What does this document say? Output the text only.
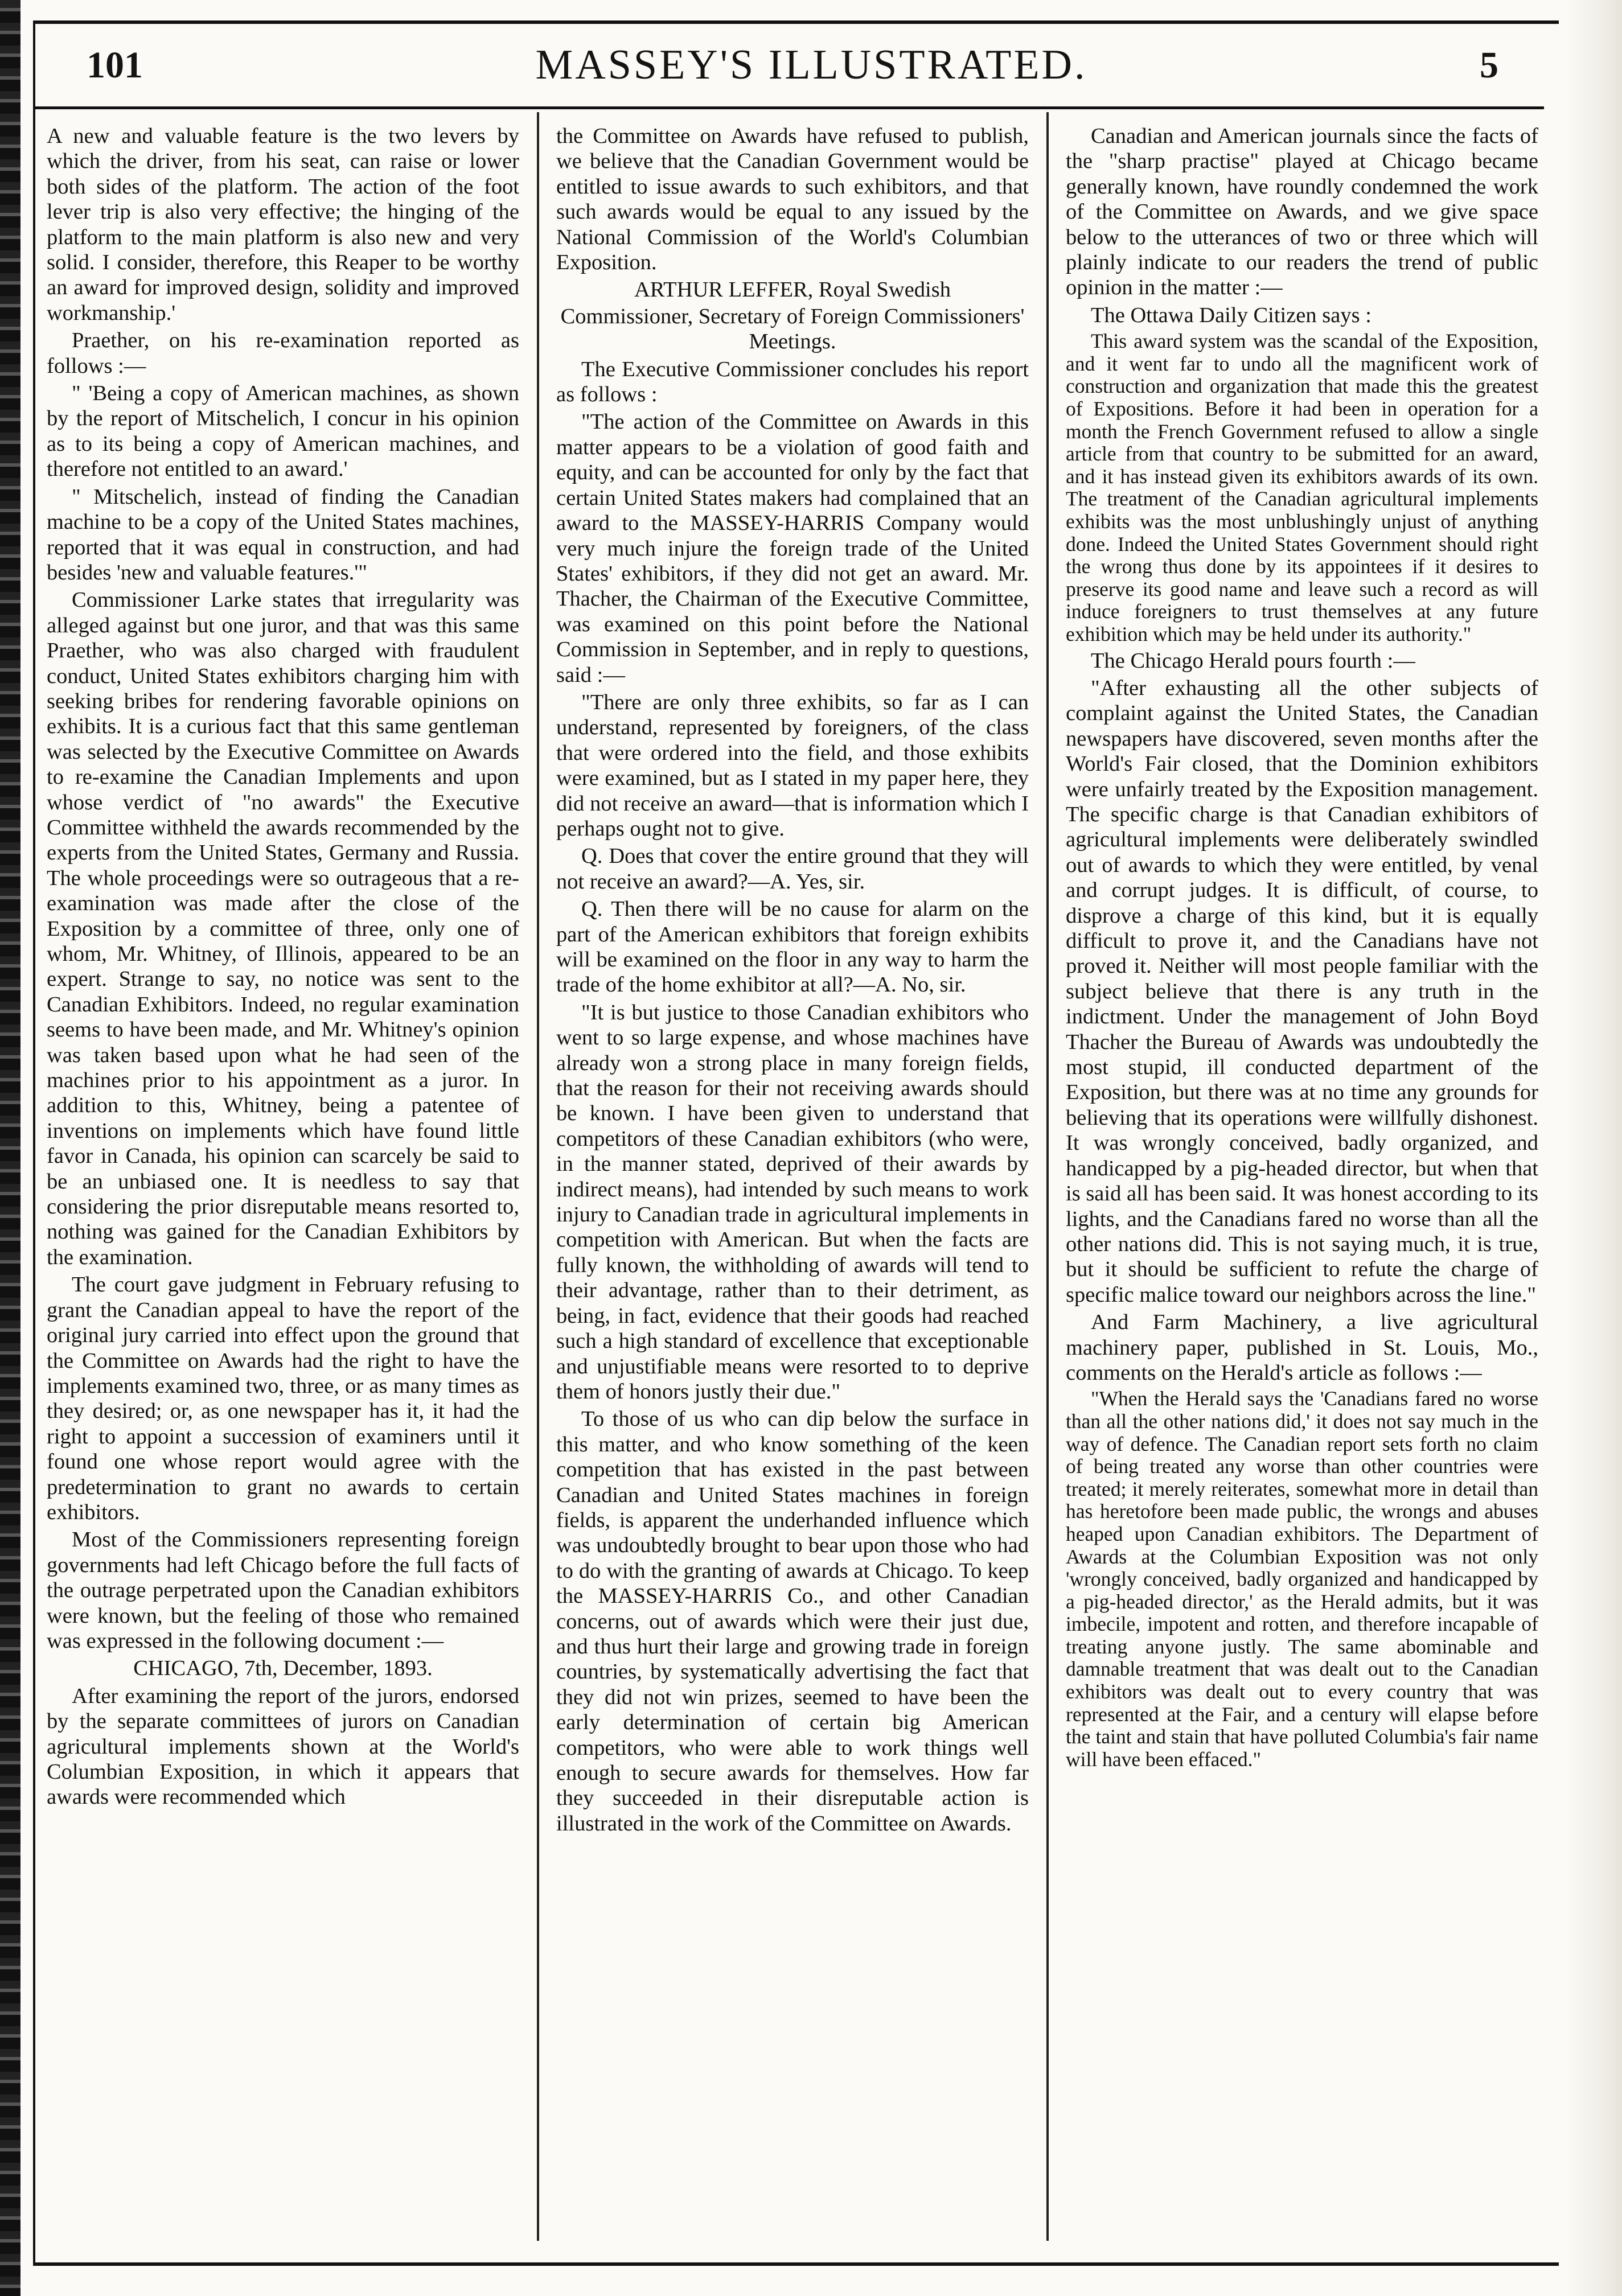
101	MASSEY'S ILLUSTRATED.	5

A new and valuable feature is the two levers by which the driver, from his seat, can raise or lower both sides of the platform. The action of the foot lever trip is also very effective; the hinging of the platform to the main platform is also new and very solid. I consider, therefore, this Reaper to be worthy an award for improved design, solidity and improved workmanship.'

Praether, on his re-examination reported as follows :—

" 'Being a copy of American machines, as shown by the report of Mitschelich, I concur in his opinion as to its being a copy of American machines, and therefore not entitled to an award.'

" Mitschelich, instead of finding the Canadian machine to be a copy of the United States machines, reported that it was equal in construction, and had besides 'new and valuable features.'"

Commissioner Larke states that irregularity was alleged against but one juror, and that was this same Praether, who was also charged with fraudulent conduct, United States exhibitors charging him with seeking bribes for rendering favorable opinions on exhibits. It is a curious fact that this same gentleman was selected by the Executive Committee on Awards to re-examine the Canadian Implements and upon whose verdict of "no awards" the Executive Committee withheld the awards recommended by the experts from the United States, Germany and Russia. The whole proceedings were so outrageous that a re-examination was made after the close of the Exposition by a committee of three, only one of whom, Mr. Whitney, of Illinois, appeared to be an expert. Strange to say, no notice was sent to the Canadian Exhibitors. Indeed, no regular examination seems to have been made, and Mr. Whitney's opinion was taken based upon what he had seen of the machines prior to his appointment as a juror. In addition to this, Whitney, being a patentee of inventions on implements which have found little favor in Canada, his opinion can scarcely be said to be an unbiased one. It is needless to say that considering the prior disreputable means resorted to, nothing was gained for the Canadian Exhibitors by the examination.

The court gave judgment in February refusing to grant the Canadian appeal to have the report of the original jury carried into effect upon the ground that the Committee on Awards had the right to have the implements examined two, three, or as many times as they desired; or, as one newspaper has it, it had the right to appoint a succession of examiners until it found one whose report would agree with the predetermination to grant no awards to certain exhibitors.

Most of the Commissioners representing foreign governments had left Chicago before the full facts of the outrage perpetrated upon the Canadian exhibitors were known, but the feeling of those who remained was expressed in the following document :—

CHICAGO, 7th, December, 1893.

After examining the report of the jurors, endorsed by the separate committees of jurors on Canadian agricultural implements shown at the World's Columbian Exposition, in which it appears that awards were recommended which

the Committee on Awards have refused to publish, we believe that the Canadian Government would be entitled to issue awards to such exhibitors, and that such awards would be equal to any issued by the National Commission of the World's Columbian Exposition.

ARTHUR LEFFER, Royal Swedish

Commissioner, Secretary of Foreign Commissioners' Meetings.

The Executive Commissioner concludes his report as follows :

"The action of the Committee on Awards in this matter appears to be a violation of good faith and equity, and can be accounted for only by the fact that certain United States makers had complained that an award to the MASSEY-HARRIS Company would very much injure the foreign trade of the United States' exhibitors, if they did not get an award. Mr. Thacher, the Chairman of the Executive Committee, was examined on this point before the National Commission in September, and in reply to questions, said :—

"There are only three exhibits, so far as I can understand, represented by foreigners, of the class that were ordered into the field, and those exhibits were examined, but as I stated in my paper here, they did not receive an award—that is information which I perhaps ought not to give.

Q. Does that cover the entire ground that they will not receive an award?—A. Yes, sir.

Q. Then there will be no cause for alarm on the part of the American exhibitors that foreign exhibits will be examined on the floor in any way to harm the trade of the home exhibitor at all?—A. No, sir.

"It is but justice to those Canadian exhibitors who went to so large expense, and whose machines have already won a strong place in many foreign fields, that the reason for their not receiving awards should be known. I have been given to understand that competitors of these Canadian exhibitors (who were, in the manner stated, deprived of their awards by indirect means), had intended by such means to work injury to Canadian trade in agricultural implements in competition with American. But when the facts are fully known, the withholding of awards will tend to their advantage, rather than to their detriment, as being, in fact, evidence that their goods had reached such a high standard of excellence that exceptionable and unjustifiable means were resorted to to deprive them of honors justly their due."

To those of us who can dip below the surface in this matter, and who know something of the keen competition that has existed in the past between Canadian and United States machines in foreign fields, is apparent the underhanded influence which was undoubtedly brought to bear upon those who had to do with the granting of awards at Chicago. To keep the MASSEY-HARRIS Co., and other Canadian concerns, out of awards which were their just due, and thus hurt their large and growing trade in foreign countries, by systematically advertising the fact that they did not win prizes, seemed to have been the early determination of certain big American competitors, who were able to work things well enough to secure awards for themselves. How far they succeeded in their disreputable action is illustrated in the work of the Committee on Awards.

Canadian and American journals since the facts of the "sharp practise" played at Chicago became generally known, have roundly condemned the work of the Committee on Awards, and we give space below to the utterances of two or three which will plainly indicate to our readers the trend of public opinion in the matter :—

The Ottawa Daily Citizen says :

This award system was the scandal of the Exposition, and it went far to undo all the magnificent work of construction and organization that made this the greatest of Expositions. Before it had been in operation for a month the French Government refused to allow a single article from that country to be submitted for an award, and it has instead given its exhibitors awards of its own. The treatment of the Canadian agricultural implements exhibits was the most unblushingly unjust of anything done. Indeed the United States Government should right the wrong thus done by its appointees if it desires to preserve its good name and leave such a record as will induce foreigners to trust themselves at any future exhibition which may be held under its authority."

The Chicago Herald pours fourth :—

"After exhausting all the other subjects of complaint against the United States, the Canadian newspapers have discovered, seven months after the World's Fair closed, that the Dominion exhibitors were unfairly treated by the Exposition management. The specific charge is that Canadian exhibitors of agricultural implements were deliberately swindled out of awards to which they were entitled, by venal and corrupt judges. It is difficult, of course, to disprove a charge of this kind, but it is equally difficult to prove it, and the Canadians have not proved it. Neither will most people familiar with the subject believe that there is any truth in the indictment. Under the management of John Boyd Thacher the Bureau of Awards was undoubtedly the most stupid, ill conducted department of the Exposition, but there was at no time any grounds for believing that its operations were willfully dishonest. It was wrongly conceived, badly organized, and handicapped by a pig-headed director, but when that is said all has been said. It was honest according to its lights, and the Canadians fared no worse than all the other nations did. This is not saying much, it is true, but it should be sufficient to refute the charge of specific malice toward our neighbors across the line."

And Farm Machinery, a live agricultural machinery paper, published in St. Louis, Mo., comments on the Herald's article as follows :—

"When the Herald says the 'Canadians fared no worse than all the other nations did,' it does not say much in the way of defence. The Canadian report sets forth no claim of being treated any worse than other countries were treated; it merely reiterates, somewhat more in detail than has heretofore been made public, the wrongs and abuses heaped upon Canadian exhibitors. The Department of Awards at the Columbian Exposition was not only 'wrongly conceived, badly organized and handicapped by a pig-headed director,' as the Herald admits, but it was imbecile, impotent and rotten, and therefore incapable of treating anyone justly. The same abominable and damnable treatment that was dealt out to the Canadian exhibitors was dealt out to every country that was represented at the Fair, and a century will elapse before the taint and stain that have polluted Columbia's fair name will have been effaced."
